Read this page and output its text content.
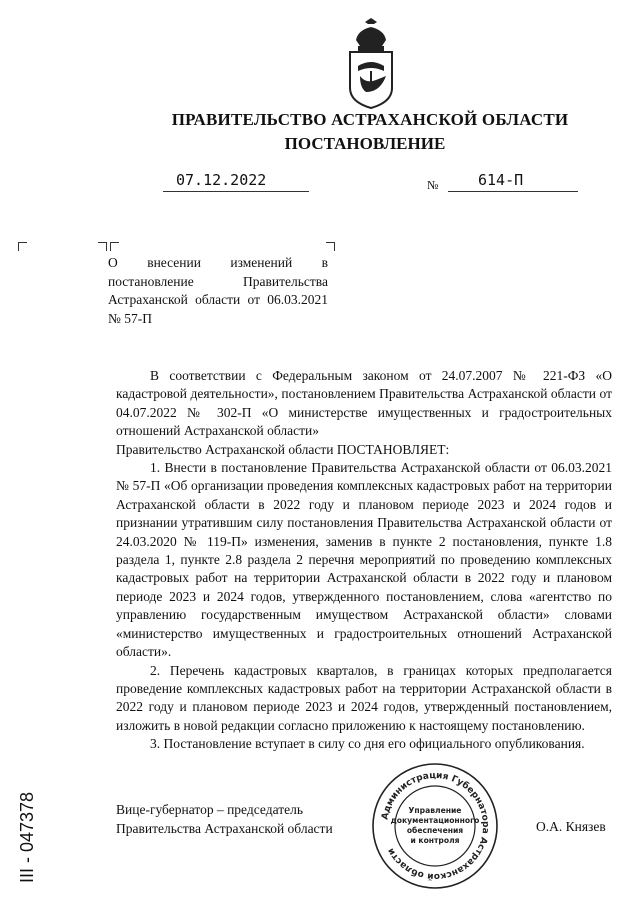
ПРАВИТЕЛЬСТВО АСТРАХАНСКОЙ ОБЛАСТИ
ПОСТАНОВЛЕНИЕ
07.12.2022	№	614-П
О внесении изменений в постановление Правительства Астраханской области от 06.03.2021 № 57-П

В соответствии с Федеральным законом от 24.07.2007 № 221-ФЗ «О кадастровой деятельности», постановлением Правительства Астраханской области от 04.07.2022 № 302-П «О министерстве имущественных и градостроительных отношений Астраханской области»

Правительство Астраханской области ПОСТАНОВЛЯЕТ:

1. Внести в постановление Правительства Астраханской области от 06.03.2021 № 57-П «Об организации проведения комплексных кадастровых работ на территории Астраханской области в 2022 году и плановом периоде 2023 и 2024 годов и признании утратившим силу постановления Правительства Астраханской области от 24.03.2020 № 119-П» изменения, заменив в пункте 2 постановления, пункте 1.8 раздела 1, пункте 2.8 раздела 2 перечня мероприятий по проведению комплексных кадастровых работ на территории Астраханской области в 2022 году и плановом периоде 2023 и 2024 годов, утвержденного постановлением, слова «агентство по управлению государственным имуществом Астраханской области» словами «министерство имущественных и градостроительных отношений Астраханской области».

2. Перечень кадастровых кварталов, в границах которых предполагается проведение комплексных кадастровых работ на территории Астраханской области в 2022 году и плановом периоде 2023 и 2024 годов, утвержденный постановлением, изложить в новой редакции согласно приложению к настоящему постановлению.

3. Постановление вступает в силу со дня его официального опубликования.

Вице-губернатор – председатель
Правительства Астраханской области	О.А. Князев
Администрация Губернатора Астраханской области
Управление
документационного
обеспечения
и контроля
ІІІ - 047378
